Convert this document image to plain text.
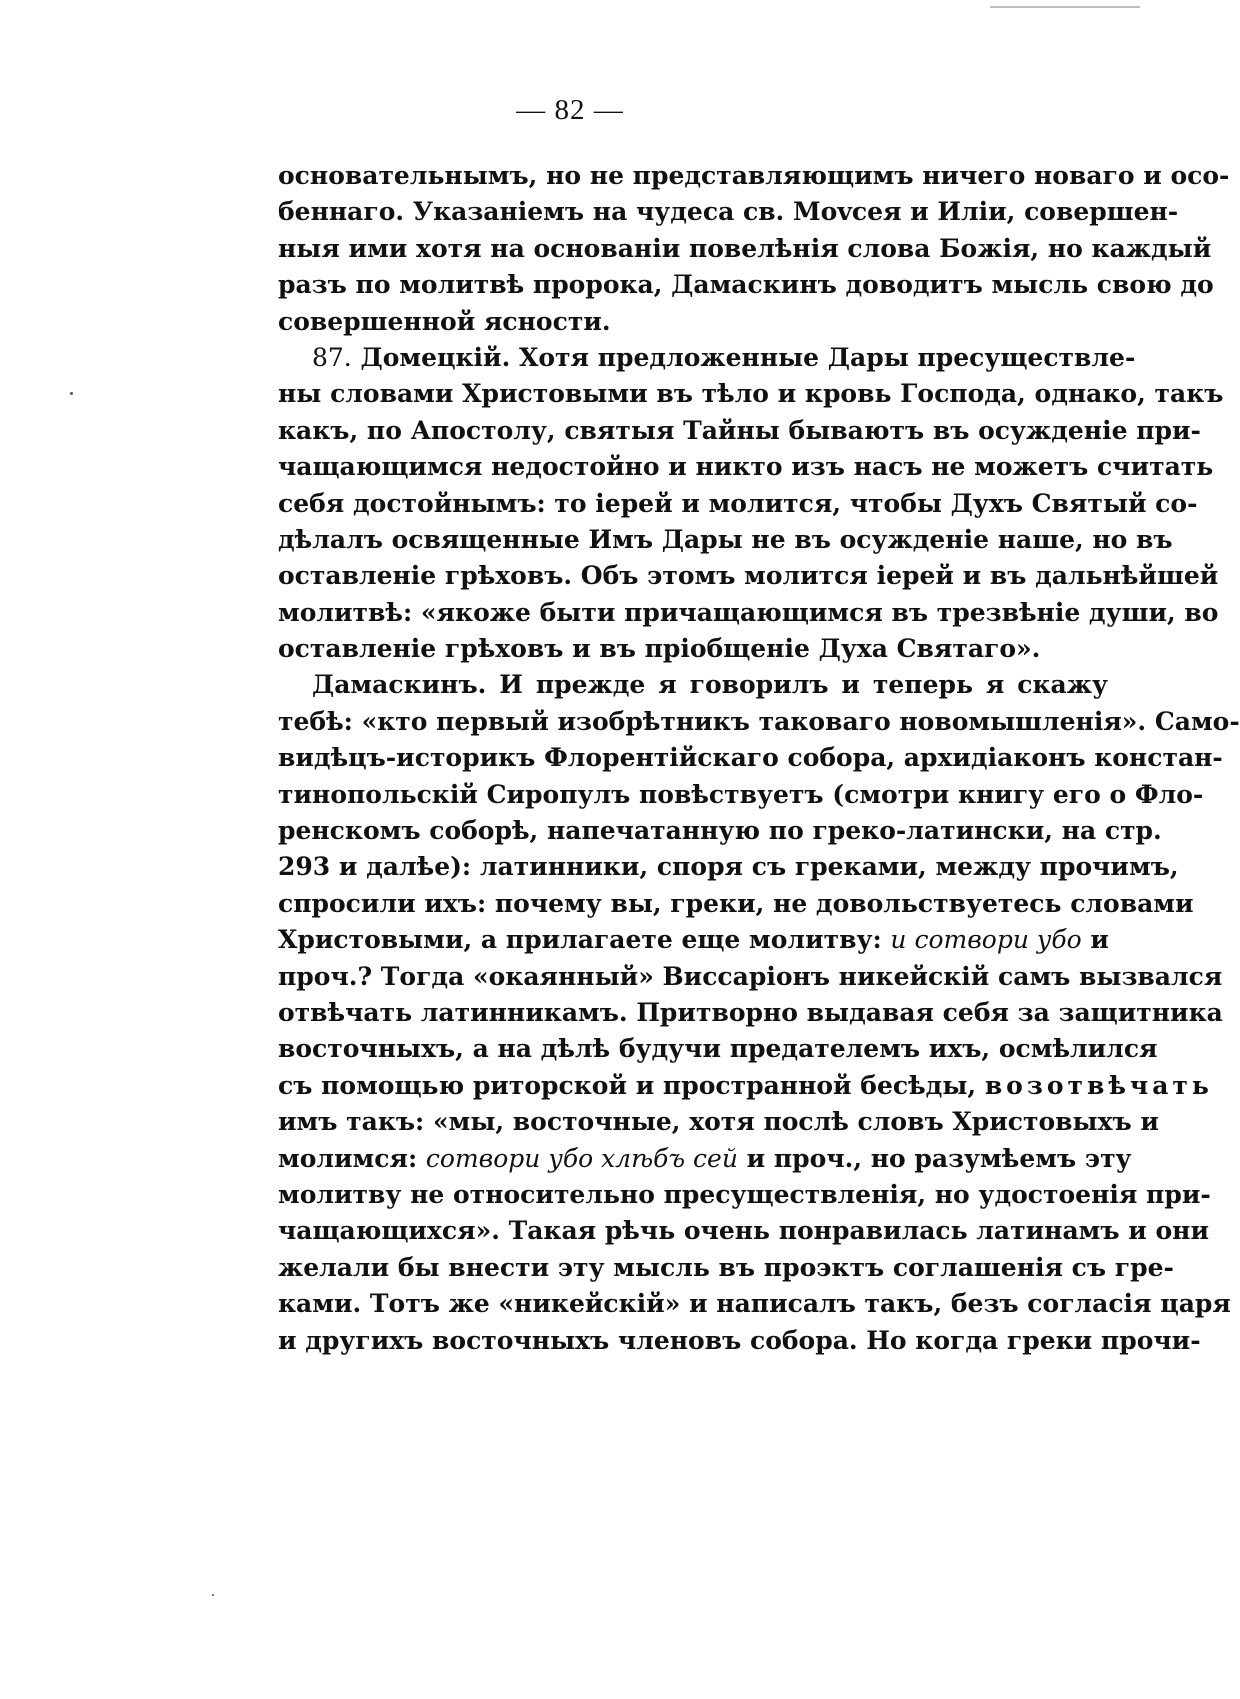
— 82 —
основательнымъ, но не представляющимъ ничего новаго и осо-
беннаго. Указаніемъ на чудеса св. Моvсея и Иліи, совершен-
ныя ими хотя на основаніи повелѣнія слова Божія, но каждый
разъ по молитвѣ пророка, Дамаскинъ доводитъ мысль свою до
совершенной ясности.
87. Домецкій. Хотя предложенные Дары пресуществле-
ны словами Христовыми въ тѣло и кровь Господа, однако, такъ
какъ, по Апостолу, святыя Тайны бываютъ въ осужденіе при-
чащающимся недостойно и никто изъ насъ не можетъ считать
себя достойнымъ: то іерей и молится, чтобы Духъ Святый со-
дѣлалъ освященные Имъ Дары не въ осужденіе наше, но въ
оставленіе грѣховъ. Объ этомъ молится іерей и въ дальнѣйшей
молитвѣ: «якоже быти причащающимся въ трезвѣніе души, во
оставленіе грѣховъ и въ пріобщеніе Духа Святаго».
Дамаскинъ. И прежде я говорилъ и теперь я скажу
тебѣ: «кто первый изобрѣтникъ таковаго новомышленія». Само-
видѣцъ-историкъ Флорентійскаго собора, архидіаконъ констан-
тинопольскій Сиропулъ повѣствуетъ (смотри книгу его о Фло-
ренскомъ соборѣ, напечатанную по греко-латински, на стр.
293 и далѣе): латинники, споря съ греками, между прочимъ,
спросили ихъ: почему вы, греки, не довольствуетесь словами
Христовыми, а прилагаете еще молитву: и сотвори убо и
проч.? Тогда «окаянный» Виссаріонъ никейскій самъ вызвался
отвѣчать латинникамъ. Притворно выдавая себя за защитника
восточныхъ, а на дѣлѣ будучи предателемъ ихъ, осмѣлился
съ помощью риторской и пространной бесѣды, возотвѣчать
имъ такъ: «мы, восточные, хотя послѣ словъ Христовыхъ и
молимся: сотвори убо хлѣбъ сей и проч., но разумѣемъ эту
молитву не относительно пресуществленія, но удостоенія при-
чащающихся». Такая рѣчь очень понравилась латинамъ и они
желали бы внести эту мысль въ проэктъ соглашенія съ гре-
ками. Тотъ же «никейскій» и написалъ такъ, безъ согласія царя
и другихъ восточныхъ членовъ собора. Но когда греки прочи-
